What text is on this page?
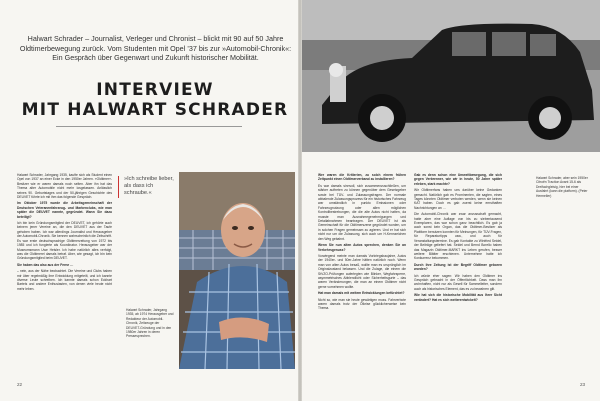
Halwart Schrader – Journalist, Verleger und Chronist – blickt mit 90 auf 50 Jahre Oldtimerbewegung zurück. Vom Studenten mit Opel ’37 bis zur »Automobil-Chronik«: Ein Gespräch über Gegenwart und Zukunft historischer Mobilität.

INTERVIEW
MIT HALWART SCHRADER

Halwart Schrader, Jahrgang 1935, kaufte sich als Student einen Opel von 1937 an einer Ecke in den 1950er Jahren. »Oldtimer«-Besitzer wie er waren damals noch selten. Aber ihn hat das Thema alter Automobile nicht mehr losgelassen. Anlässlich seines 90. Geburtstages und der 50-jährigen Geschichte des DEUVET führte ich mit ihm das folgende Gespräch.

Im Oktober 1975 wurde die Arbeitsgemeinschaft der Deutschen Veteranenfahrzeug- und Markenclubs, wie man später die DEUVET nannte, gegründet. Wann Sie dazu beteiligt?

Ich bin kein Gründungsmitglied der DEUVET, ich gehörte auch keinem jener Vereine an, die den DEUVET aus der Taufe gehoben haben. Ich war allerdings Journalist und Herausgeber der Automobil-Chronik. Sie kennen wahrscheinlich die Zeitschrift. Es war erste deutschsprachige Oldtimerzeitung von 1972 bis 1985 und ich fungierte als Koordinator. Herausgeber war der Museumsmann Uwe Heisler. Ich habe natürlich alles verfolgt, was die Oldtimerei damals betraf. Aber, wie gesagt, ich bin kein Gründungsmitglied beim DEUVET.

Sie haben das also aus der Ferne …

– nein, aus der Nähe beobachtet. Die Vereine und Clubs haben mir über regelmäßig ihre Entwicklung mitgeteilt, und ich kannte diverse Leute schreiben. Ich kannte damals schon Eckhart Bartels und andere Enthusiasten, von denen viele heute nicht mehr leben.

»Ich schreibe lieber, als dass ich schraube.«

Halwart Schrader, Jahrgang 1935, ab 1974 Herausgeber und Redakteur der Automobil-Chronik, Zeitzeuge der DEUVET-Gründung und in den 1980er Jahren in deren Pressesprechen.

Wer waren die Kritierien, zu solch einem frühen Zeitpunkt einen Oldtimerverband zu installieren?

Es war damals sinnvoll, sich zusammenzuschließen, um stärker auftreten zu können gegenüber dem Gesetzgeber sowie bei TÜV- und Zulassungsfragen. Der normale abbalende Zulassungsprozess für ein historisches Fahrzeug war umständlich in punkto Emissionen oder Fahrzeugnutzung oder allen möglichen Kontrollbestrebungen, die die alte Autos nicht hatten, da musste man Ausnahmegenehmigungen und Detailabnahmen beantragen. Der DEUVET ist als Gemeinschaft für die Oldtimerszene gegründet worden, um in solchen Fragen gemeinsam zu agieren. Und er hat sich nicht nur um die Zulassung, sich auch um H-Kennzeichen den Weg gebahnt.

Wenn Sie nun alten Autos sprechen, denken Sie an Verkehrsgenuss?

Vorwiegend meinte man damals Vorkriegsbaujahre, Autos der 1940er- und 50er-Jahre hätten natürlich noch. Wenn man von alten Autos besaß, wollte man es ursprünglich im Originalzustand belassen. Und die Zulage, die einem die StVZO-Prüfungen auferlegten wie Blinker, Wegfahrsperre, asymmetrisches Abblendlicht oder Sicherheitsgurte – das waren Veränderungen, die man an einem Oldtimer nicht gerne vornehmen wollte.

Hat man damals mit weitem Entwicklungen befürchtet?

Nicht so, wie man sie heute gewärtigen muss. Fahrverbote waren damals trotz der Ölkrise glücklicherweise kein Thema.

Gab es denn schon eine Umweltbewegung, die sich gegen Verbrenner, wie wir in heute, 50 Jahre später erleben, stark machte?

Wir Oldtimerfans haben uns darüber keine Gedanken gemacht. Natürlich gab es Prominenten, die sagten, eines Tages könnten Oldtimer verboten werden, wenn sie keinen KAT haben. Doch es gab zuerst keine ernsthaften Nachrichtungen an …

Die Automobil-Chronik war zwar anzusschaft gemacht, hatte aber eine Auflage von bis zu siebentausend Exemplaren, das war schon ganz beachtlich. Es gab ja auch sonst kein Organ, das die Oldtimer-Besitzer als Plattform benutzen konnten für Meinungen, für TÜV-Fragen, für Reparaturtipps usw., und auch für Veranstaltungstermine. Es gab Kontakte zu Winfried Seidel, der Beiträge geliefert hat. Seidel und Bernd Borello haben das Magazin Oldtimer-MARKT ins Leben gerufen, besser weitere Blätter erschienen. Unternehme hatte ich Konkurrenz bekommen.

Durch ihre Zeitung ist der Begriff Oldtimer geboren worden?

Ich würde eher sagen: Wir haben den Oldtimer ins Gespräch gebracht in der Öffentlichkeit. Dass man ihn wohnhaften, nicht nur als Gesell für Sammelleiter, sondern auch als historisches Element, das es zu bewahren gilt.

Wie hat sich die historische Mobilität aus Ihrer Sicht verändert? Hat es sich weiterentwickelt?

Halwart Schrader, aber sein 1950er Citroën Traction Avant 15-6 als Dreifachgleisig, hier bei einer Ausfahrt (kann die platform). (Peter Hermeller)

22	23
